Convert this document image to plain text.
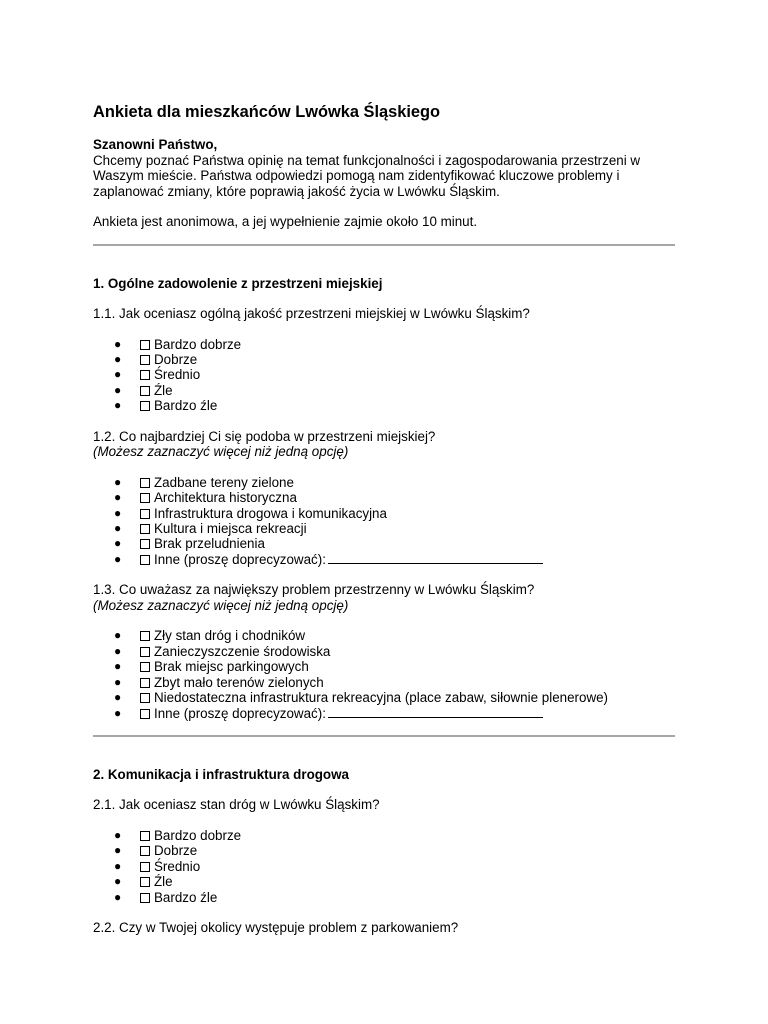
Ankieta dla mieszkańców Lwówka Śląskiego

Szanowni Państwo,

Chcemy poznać Państwa opinię na temat funkcjonalności i zagospodarowania przestrzeni w Waszym mieście. Państwa odpowiedzi pomogą nam zidentyfikować kluczowe problemy i zaplanować zmiany, które poprawią jakość życia w Lwówku Śląskim.

Ankieta jest anonimowa, a jej wypełnienie zajmie około 10 minut.

1. Ogólne zadowolenie z przestrzeni miejskiej

1.1. Jak oceniasz ogólną jakość przestrzeni miejskiej w Lwówku Śląskim?

● Bardzo dobrze
● Dobrze
● Średnio
● Źle
● Bardzo źle

1.2. Co najbardziej Ci się podoba w przestrzeni miejskiej?

(Możesz zaznaczyć więcej niż jedną opcję)

● Zadbane tereny zielone
● Architektura historyczna
● Infrastruktura drogowa i komunikacyjna
● Kultura i miejsca rekreacji
● Brak przeludnienia
● Inne (proszę doprecyzować):

1.3. Co uważasz za największy problem przestrzenny w Lwówku Śląskim?

(Możesz zaznaczyć więcej niż jedną opcję)

● Zły stan dróg i chodników
● Zanieczyszczenie środowiska
● Brak miejsc parkingowych
● Zbyt mało terenów zielonych
● Niedostateczna infrastruktura rekreacyjna (place zabaw, siłownie plenerowe)
● Inne (proszę doprecyzować):
2. Komunikacja i infrastruktura drogowa

2.1. Jak oceniasz stan dróg w Lwówku Śląskim?

● Bardzo dobrze
● Dobrze
● Średnio
● Źle
● Bardzo źle

2.2. Czy w Twojej okolicy występuje problem z parkowaniem?
